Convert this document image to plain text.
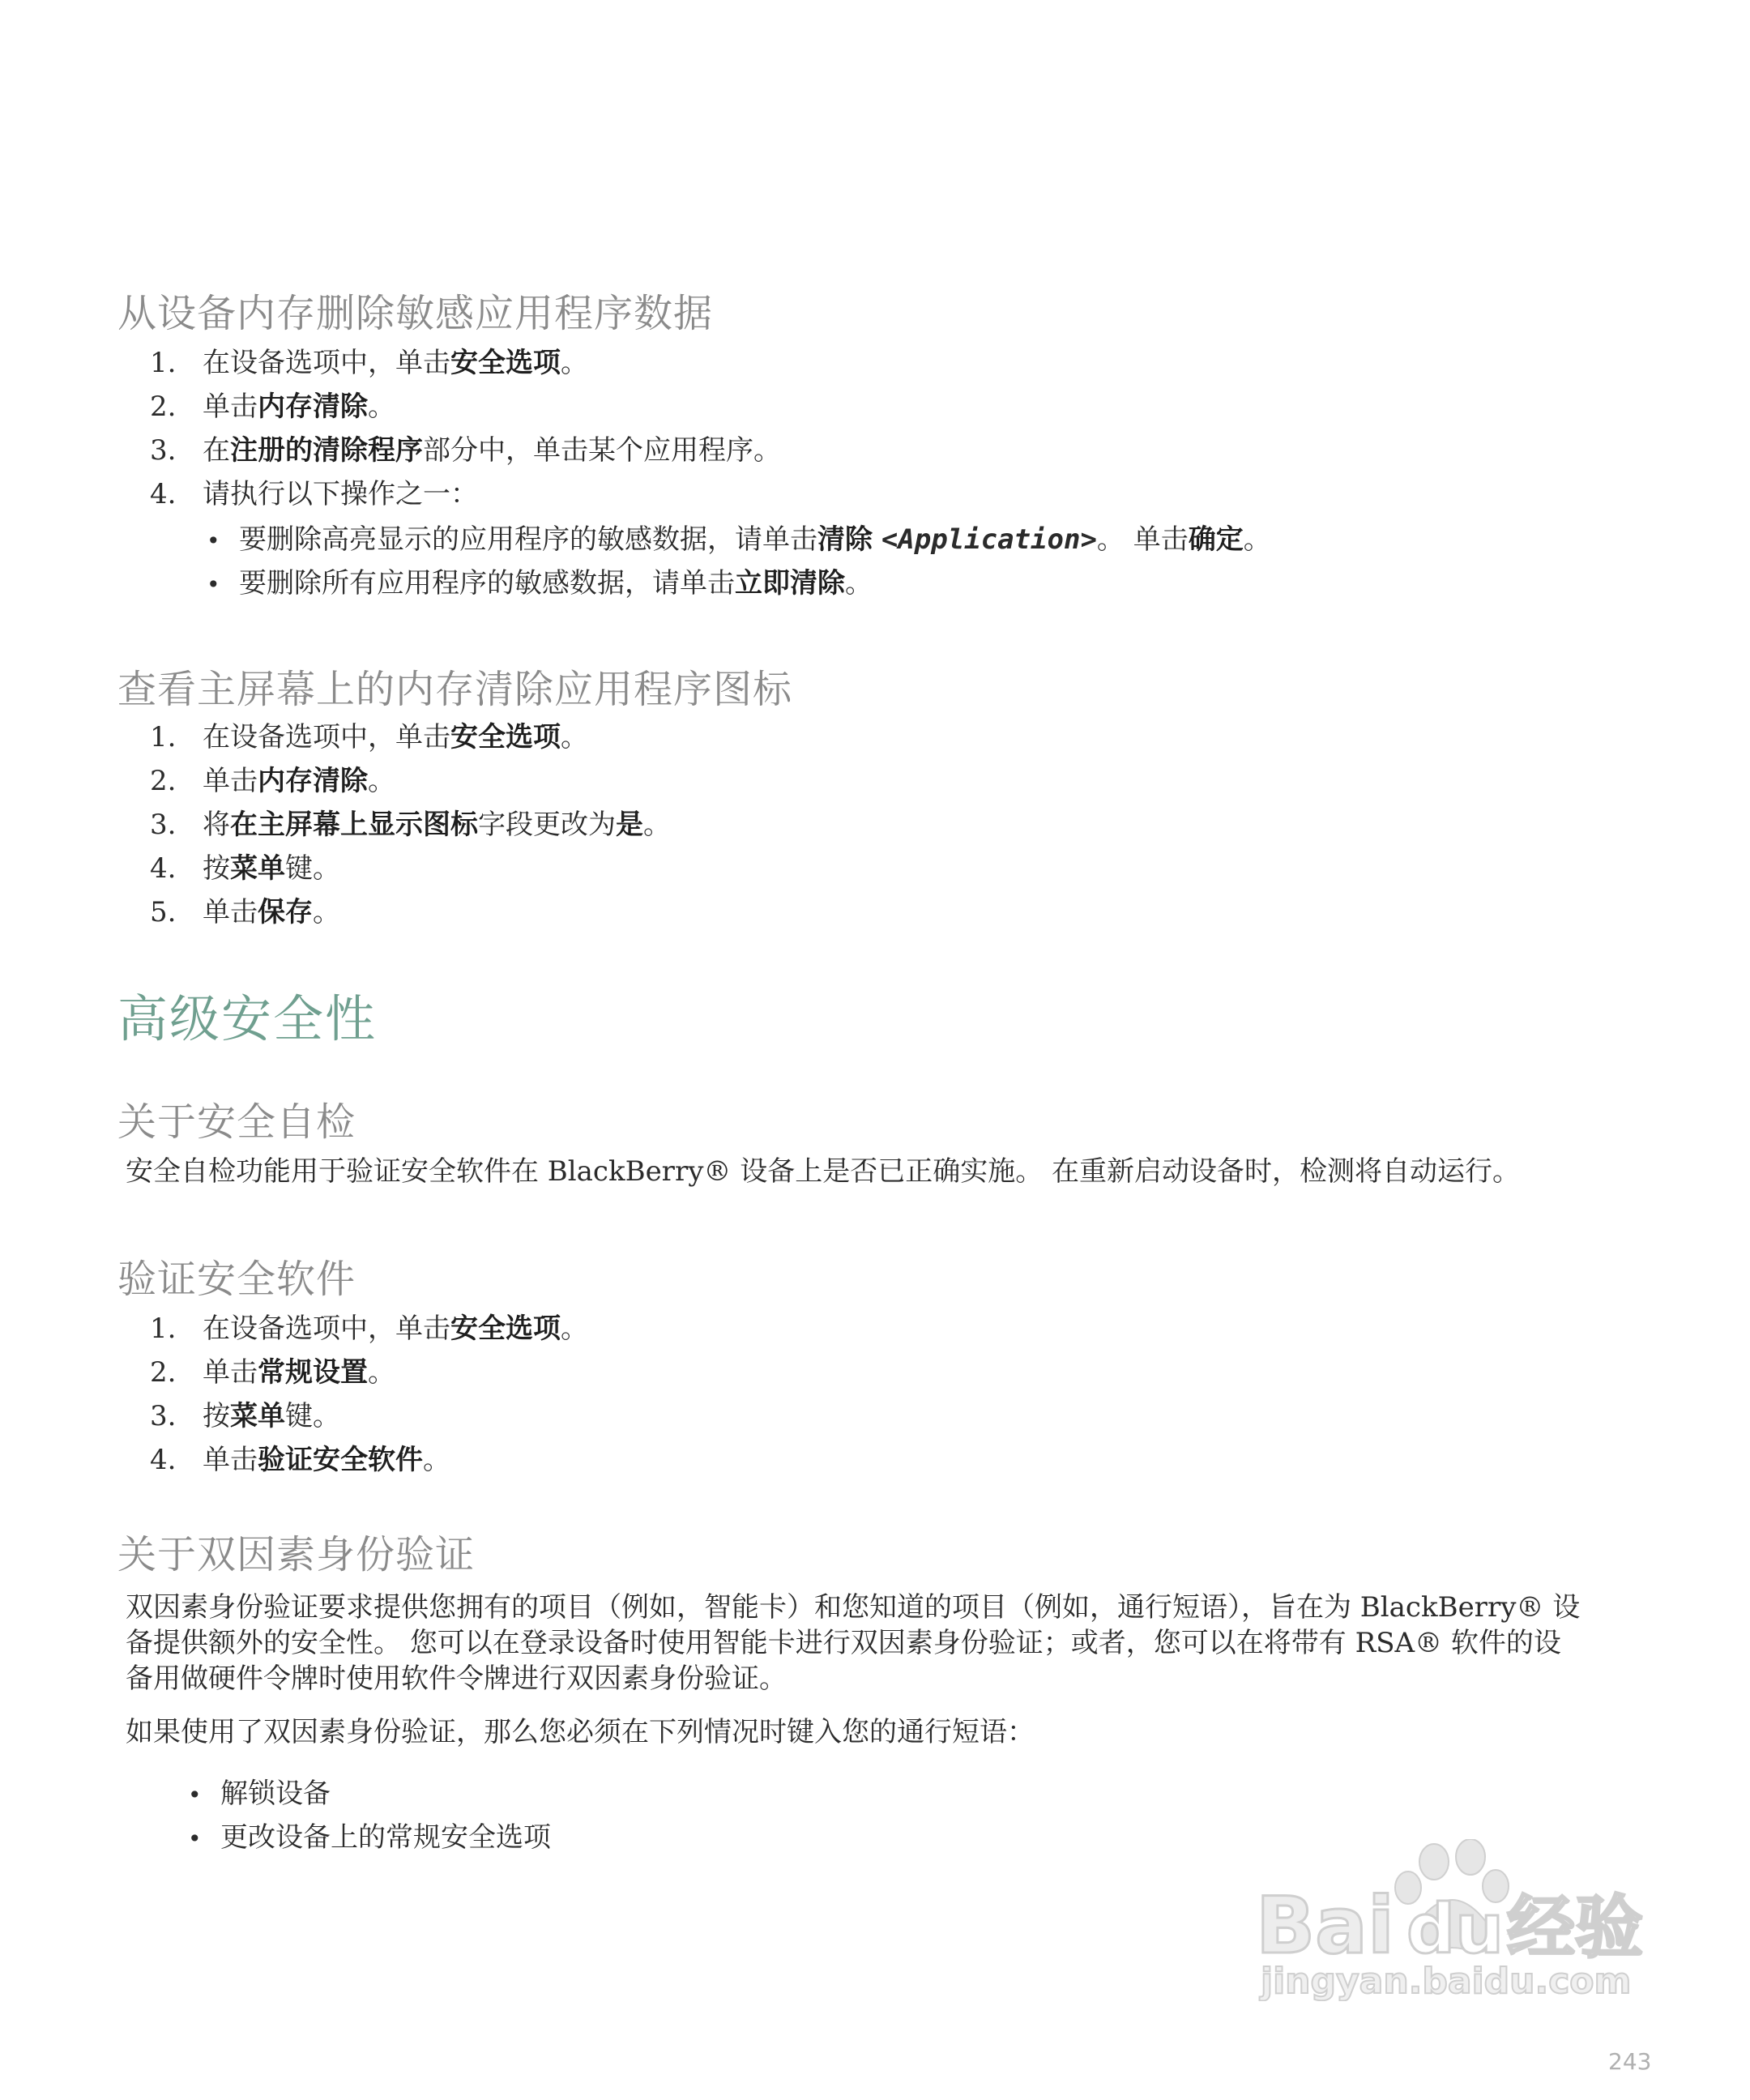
从设备内存删除敏感应用程序数据
1. 在设备选项中，单击安全选项。
2. 单击内存清除。
3. 在注册的清除程序部分中，单击某个应用程序。
4. 请执行以下操作之一：
• 要删除高亮显示的应用程序的敏感数据，请单击清除 <Application>。 单击确定。
• 要删除所有应用程序的敏感数据，请单击立即清除。
查看主屏幕上的内存清除应用程序图标
1. 在设备选项中，单击安全选项。
2. 单击内存清除。
3. 将在主屏幕上显示图标字段更改为是。
4. 按菜单键。
5. 单击保存。
高级安全性
关于安全自检
安全自检功能用于验证安全软件在 BlackBerry® 设备上是否已正确实施。 在重新启动设备时，检测将自动运行。
验证安全软件
1. 在设备选项中，单击安全选项。
2. 单击常规设置。
3. 按菜单键。
4. 单击验证安全软件。
关于双因素身份验证
双因素身份验证要求提供您拥有的项目（例如，智能卡）和您知道的项目（例如，通行短语），旨在为 BlackBerry® 设
备提供额外的安全性。 您可以在登录设备时使用智能卡进行双因素身份验证；或者，您可以在将带有 RSA® 软件的设
备用做硬件令牌时使用软件令牌进行双因素身份验证。
如果使用了双因素身份验证，那么您必须在下列情况时键入您的通行短语：
• 解锁设备
• 更改设备上的常规安全选项
Bai du 经验
jingyan.baidu.com
243
